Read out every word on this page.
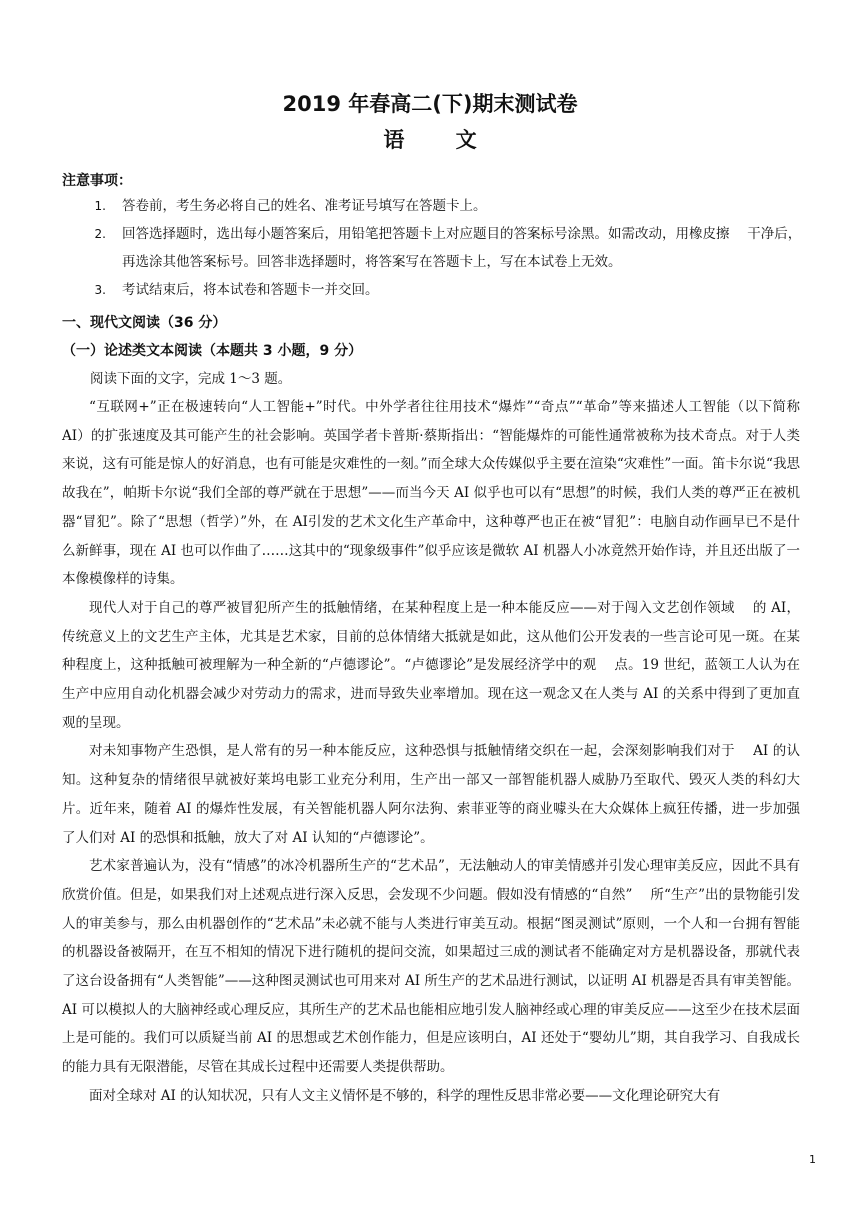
2019 年春高二(下)期末测试卷
语 文
注意事项：
1.	答卷前，考生务必将自己的姓名、准考证号填写在答题卡上。
2.	回答选择题时，选出每小题答案后，用铅笔把答题卡上对应题目的答案标号涂黑。如需改动，用橡皮擦　 干净后，再选涂其他答案标号。回答非选择题时，将答案写在答题卡上，写在本试卷上无效。
3.	考试结束后，将本试卷和答题卡一并交回。
一、现代文阅读（36 分）
（一）论述类文本阅读（本题共 3 小题，9 分）
阅读下面的文字，完成 1～3 题。

“互联网+”正在极速转向“人工智能+”时代。中外学者往往用技术“爆炸”“奇点”“革命”等来描述人工智能（以下简称 AI）的扩张速度及其可能产生的社会影响。英国学者卡普斯·蔡斯指出：“智能爆炸的可能性通常被称为技术奇点。对于人类来说，这有可能是惊人的好消息，也有可能是灾难性的一刻。”而全球大众传媒似乎主要在渲染“灾难性”一面。笛卡尔说“我思故我在”，帕斯卡尔说“我们全部的尊严就在于思想”——而当今天 AI 似乎也可以有“思想”的时候，我们人类的尊严正在被机器“冒犯”。除了“思想（哲学）”外，在 AI引发的艺术文化生产革命中，这种尊严也正在被“冒犯”：电脑自动作画早已不是什么新鲜事，现在 AI 也可以作曲了……这其中的“现象级事件”似乎应该是微软 AI 机器人小冰竟然开始作诗，并且还出版了一本像模像样的诗集。

现代人对于自己的尊严被冒犯所产生的抵触情绪，在某种程度上是一种本能反应——对于闯入文艺创作领域　 的 AI，传统意义上的文艺生产主体，尤其是艺术家，目前的总体情绪大抵就是如此，这从他们公开发表的一些言论可见一斑。在某种程度上，这种抵触可被理解为一种全新的“卢德谬论”。“卢德谬论”是发展经济学中的观　 点。19 世纪，蓝领工人认为在生产中应用自动化机器会减少对劳动力的需求，进而导致失业率增加。现在这一观念又在人类与 AI 的关系中得到了更加直观的呈现。

对未知事物产生恐惧，是人常有的另一种本能反应，这种恐惧与抵触情绪交织在一起，会深刻影响我们对于　 AI 的认知。这种复杂的情绪很早就被好莱坞电影工业充分利用，生产出一部又一部智能机器人威胁乃至取代、毁灭人类的科幻大片。近年来，随着 AI 的爆炸性发展，有关智能机器人阿尔法狗、索菲亚等的商业噱头在大众媒体上疯狂传播，进一步加强了人们对 AI 的恐惧和抵触，放大了对 AI 认知的“卢德谬论”。

艺术家普遍认为，没有“情感”的冰冷机器所生产的“艺术品”，无法触动人的审美情感并引发心理审美反应，因此不具有欣赏价值。但是，如果我们对上述观点进行深入反思，会发现不少问题。假如没有情感的“自然”　 所“生产”出的景物能引发人的审美参与，那么由机器创作的“艺术品”未必就不能与人类进行审美互动。根据“图灵测试”原则，一个人和一台拥有智能的机器设备被隔开，在互不相知的情况下进行随机的提问交流，如果超过三成的测试者不能确定对方是机器设备，那就代表了这台设备拥有“人类智能”——这种图灵测试也可用来对 AI 所生产的艺术品进行测试，以证明 AI 机器是否具有审美智能。AI 可以模拟人的大脑神经或心理反应，其所生产的艺术品也能相应地引发人脑神经或心理的审美反应——这至少在技术层面上是可能的。我们可以质疑当前 AI 的思想或艺术创作能力，但是应该明白，AI 还处于“婴幼儿”期，其自我学习、自我成长的能力具有无限潜能，尽管在其成长过程中还需要人类提供帮助。

面对全球对 AI 的认知状况，只有人文主义情怀是不够的，科学的理性反思非常必要——文化理论研究大有

1
